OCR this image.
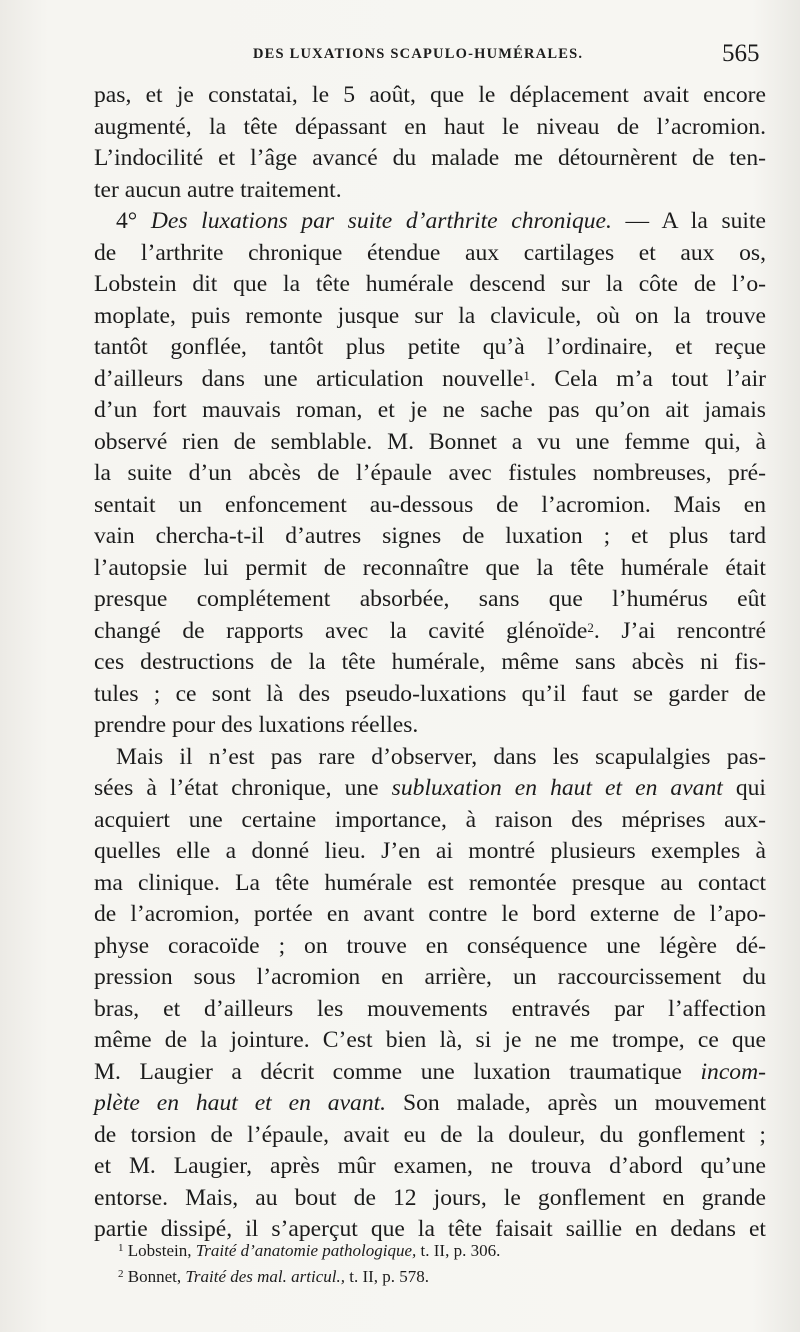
DES LUXATIONS SCAPULO-HUMÉRALES.	565
pas, et je constatai, le 5 août, que le déplacement avait encore
augmenté, la tête dépassant en haut le niveau de l’acromion.
L’indocilité et l’âge avancé du malade me détournèrent de ten-
ter aucun autre traitement.
4° Des luxations par suite d’arthrite chronique. — A la suite
de l’arthrite chronique étendue aux cartilages et aux os,
Lobstein dit que la tête humérale descend sur la côte de l’o-
moplate, puis remonte jusque sur la clavicule, où on la trouve
tantôt gonflée, tantôt plus petite qu’à l’ordinaire, et reçue
d’ailleurs dans une articulation nouvelle$^1$. Cela m’a tout l’air
d’un fort mauvais roman, et je ne sache pas qu’on ait jamais
observé rien de semblable. M. Bonnet a vu une femme qui, à
la suite d’un abcès de l’épaule avec fistules nombreuses, pré-
sentait un enfoncement au-dessous de l’acromion. Mais en
vain chercha-t-il d’autres signes de luxation ; et plus tard
l’autopsie lui permit de reconnaître que la tête humérale était
presque complétement absorbée, sans que l’humérus eût
changé de rapports avec la cavité glénoïde$^2$. J’ai rencontré
ces destructions de la tête humérale, même sans abcès ni fis-
tules ; ce sont là des pseudo-luxations qu’il faut se garder de
prendre pour des luxations réelles.
Mais il n’est pas rare d’observer, dans les scapulalgies pas-
sées à l’état chronique, une subluxation en haut et en avant qui
acquiert une certaine importance, à raison des méprises aux-
quelles elle a donné lieu. J’en ai montré plusieurs exemples à
ma clinique. La tête humérale est remontée presque au contact
de l’acromion, portée en avant contre le bord externe de l’apo-
physe coracoïde ; on trouve en conséquence une légère dé-
pression sous l’acromion en arrière, un raccourcissement du
bras, et d’ailleurs les mouvements entravés par l’affection
même de la jointure. C’est bien là, si je ne me trompe, ce que
M. Laugier a décrit comme une luxation traumatique incom-
plète en haut et en avant. Son malade, après un mouvement
de torsion de l’épaule, avait eu de la douleur, du gonflement ;
et M. Laugier, après mûr examen, ne trouva d’abord qu’une
entorse. Mais, au bout de 12 jours, le gonflement en grande
partie dissipé, il s’aperçut que la tête faisait saillie en dedans et
$^1$ Lobstein, Traité d’anatomie pathologique, t. II, p. 306.
$^2$ Bonnet, Traité des mal. articul., t. II, p. 578.
